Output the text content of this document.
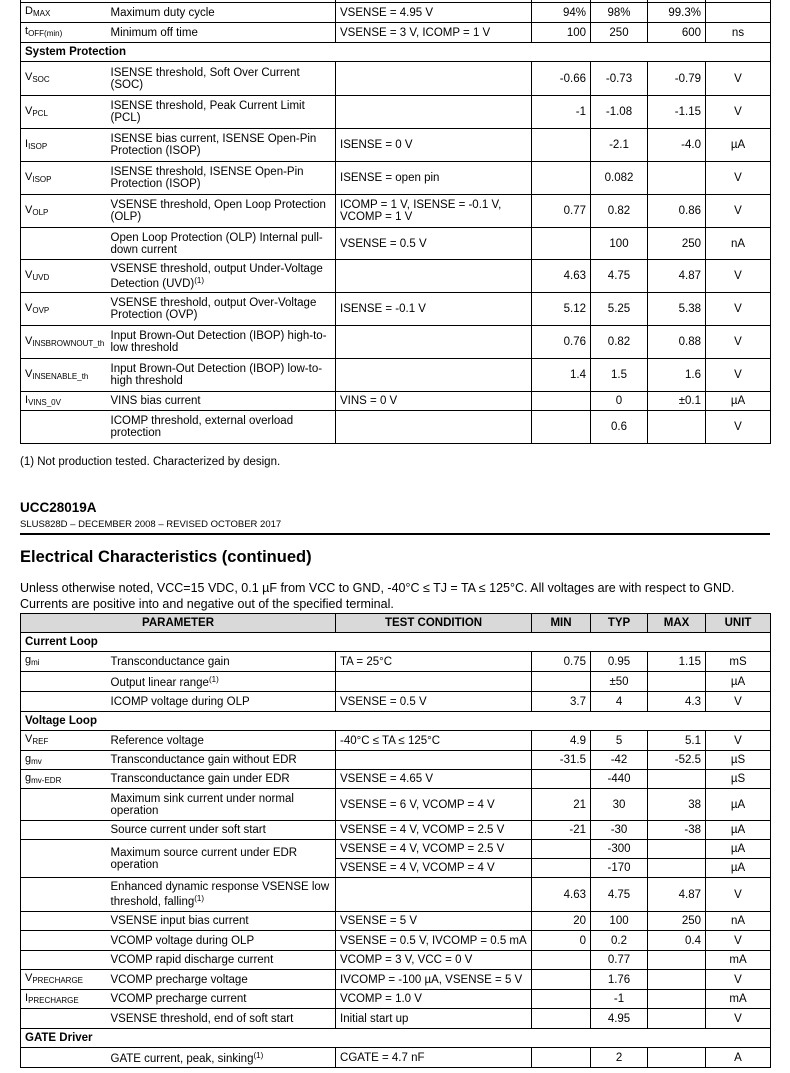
$D_{MAX}$	Maximum duty cycle	VSENSE = 4.95 V	94%	98%	99.3%	
$t_{OFF(min)}$	Minimum off time	VSENSE = 3 V, ICOMP = 1 V	100	250	600	ns
System Protection						
$V_{SOC}$	ISENSE threshold, Soft Over Current (SOC)		-0.66	-0.73	-0.79	V
$V_{PCL}$	ISENSE threshold, Peak Current Limit (PCL)		-1	-1.08	-1.15	V
$I_{ISOP}$	ISENSE bias current, ISENSE Open-Pin Protection (ISOP)	ISENSE = 0 V		-2.1	-4.0	µA
$V_{ISOP}$	ISENSE threshold, ISENSE Open-Pin Protection (ISOP)	ISENSE = open pin		0.082		V
$V_{OLP}$	VSENSE threshold, Open Loop Protection (OLP)	ICOMP = 1 V, ISENSE = -0.1 V, VCOMP = 1 V	0.77	0.82	0.86	V
	Open Loop Protection (OLP) Internal pull-down current	VSENSE = 0.5 V		100	250	nA
$V_{UVD}$	VSENSE threshold, output Under-Voltage Detection (UVD)$^{(1)}$		4.63	4.75	4.87	V
$V_{OVP}$	VSENSE threshold, output Over-Voltage Protection (OVP)	ISENSE = -0.1 V	5.12	5.25	5.38	V
$V_{INSBROWNOUT\_th}$	Input Brown-Out Detection (IBOP) high-to-low threshold		0.76	0.82	0.88	V
$V_{INSENABLE\_th}$	Input Brown-Out Detection (IBOP) low-to-high threshold		1.4	1.5	1.6	V
$I_{VINS\_0V}$	VINS bias current	VINS = 0 V		0	±0.1	µA
	ICOMP threshold, external overload protection			0.6		V
(1) Not production tested. Characterized by design.
UCC28019A
SLUS828D – DECEMBER 2008 – REVISED OCTOBER 2017
Electrical Characteristics (continued)
Unless otherwise noted, VCC=15 VDC, 0.1 µF from VCC to GND, -40°C ≤ TJ = TA ≤ 125°C. All voltages are with respect to GND. Currents are positive into and negative out of the specified terminal.
PARAMETER		TEST CONDITION	MIN	TYP	MAX	UNIT
Current Loop						
$g_{mi}$	Transconductance gain	TA = 25°C	0.75	0.95	1.15	mS
	Output linear range$^{(1)}$			±50		µA
	ICOMP voltage during OLP	VSENSE = 0.5 V	3.7	4	4.3	V
Voltage Loop						
$V_{REF}$	Reference voltage	-40°C ≤ TA ≤ 125°C	4.9	5	5.1	V
$g_{mv}$	Transconductance gain without EDR		-31.5	-42	-52.5	µS
$g_{mv-EDR}$	Transconductance gain under EDR	VSENSE = 4.65 V		-440		µS
	Maximum sink current under normal operation	VSENSE = 6 V, VCOMP = 4 V	21	30	38	µA
	Source current under soft start	VSENSE = 4 V, VCOMP = 2.5 V	-21	-30	-38	µA
	Maximum source current under EDR operation	VSENSE = 4 V, VCOMP = 2.5 V		-300		µA
		VSENSE = 4 V, VCOMP = 4 V		-170		µA
	Enhanced dynamic response VSENSE low threshold, falling$^{(1)}$		4.63	4.75	4.87	V
	VSENSE input bias current	VSENSE = 5 V	20	100	250	nA
	VCOMP voltage during OLP	VSENSE = 0.5 V, IVCOMP = 0.5 mA	0	0.2	0.4	V
	VCOMP rapid discharge current	VCOMP = 3 V, VCC = 0 V		0.77		mA
$V_{PRECHARGE}$	VCOMP precharge voltage	IVCOMP = -100 µA, VSENSE = 5 V		1.76		V
$I_{PRECHARGE}$	VCOMP precharge current	VCOMP = 1.0 V		-1		mA
	VSENSE threshold, end of soft start	Initial start up		4.95		V
GATE Driver						
	GATE current, peak, sinking$^{(1)}$	CGATE = 4.7 nF		2		A
